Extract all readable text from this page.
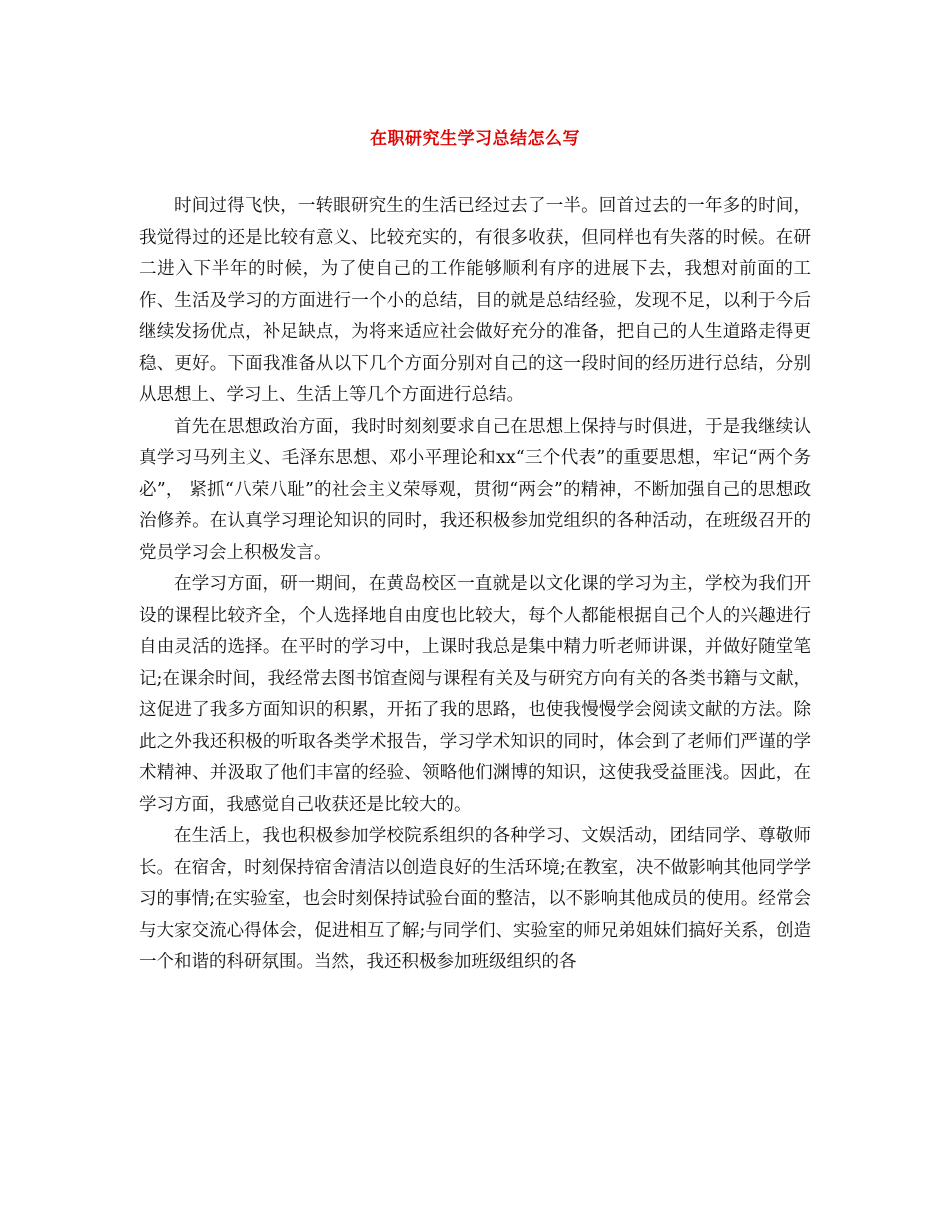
在职研究生学习总结怎么写

时间过得飞快，一转眼研究生的生活已经过去了一半。回首过去的一年多的时间，我觉得过的还是比较有意义、比较充实的，有很多收获，但同样也有失落的时候。在研二进入下半年的时候，为了使自己的工作能够顺利有序的进展下去，我想对前面的工作、生活及学习的方面进行一个小的总结，目的就是总结经验，发现不足，以利于今后继续发扬优点，补足缺点，为将来适应社会做好充分的准备，把自己的人生道路走得更稳、更好。下面我准备从以下几个方面分别对自己的这一段时间的经历进行总结，分别从思想上、学习上、生活上等几个方面进行总结。

首先在思想政治方面，我时时刻刻要求自己在思想上保持与时俱进，于是我继续认真学习马列主义、毛泽东思想、邓小平理论和xx“三个代表”的重要思想，牢记“两个务必”， 紧抓“八荣八耻”的社会主义荣辱观，贯彻“两会”的精神，不断加强自己的思想政治修养。在认真学习理论知识的同时，我还积极参加党组织的各种活动，在班级召开的党员学习会上积极发言。

在学习方面，研一期间，在黄岛校区一直就是以文化课的学习为主，学校为我们开设的课程比较齐全，个人选择地自由度也比较大，每个人都能根据自己个人的兴趣进行自由灵活的选择。在平时的学习中，上课时我总是集中精力听老师讲课，并做好随堂笔记;在课余时间，我经常去图书馆查阅与课程有关及与研究方向有关的各类书籍与文献，这促进了我多方面知识的积累，开拓了我的思路，也使我慢慢学会阅读文献的方法。除此之外我还积极的听取各类学术报告，学习学术知识的同时，体会到了老师们严谨的学术精神、并汲取了他们丰富的经验、领略他们渊博的知识，这使我受益匪浅。因此，在学习方面，我感觉自己收获还是比较大的。

在生活上，我也积极参加学校院系组织的各种学习、文娱活动，团结同学、尊敬师长。在宿舍，时刻保持宿舍清洁以创造良好的生活环境;在教室，决不做影响其他同学学习的事情;在实验室，也会时刻保持试验台面的整洁，以不影响其他成员的使用。经常会与大家交流心得体会，促进相互了解;与同学们、实验室的师兄弟姐妹们搞好关系，创造一个和谐的科研氛围。当然，我还积极参加班级组织的各
